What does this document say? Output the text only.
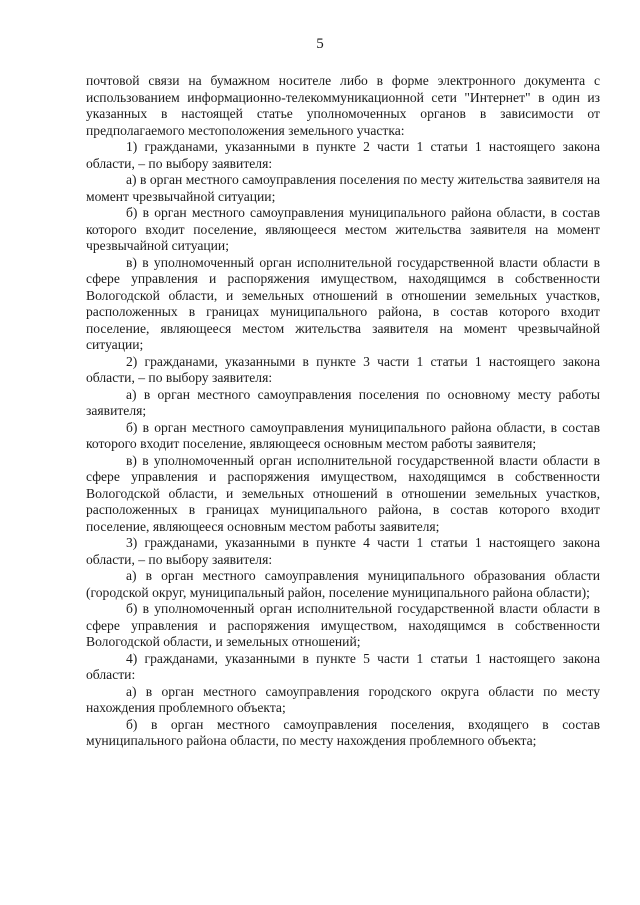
5

почтовой связи на бумажном носителе либо в форме электронного документа с использованием информационно-телекоммуникационной сети "Интернет" в один из указанных в настоящей статье уполномоченных органов в зависимости от предполагаемого местоположения земельного участка:

1) гражданами, указанными в пункте 2 части 1 статьи 1 настоящего закона области, – по выбору заявителя:

а) в орган местного самоуправления поселения по месту жительства заявителя на момент чрезвычайной ситуации;

б) в орган местного самоуправления муниципального района области, в состав которого входит поселение, являющееся местом жительства заявителя на момент чрезвычайной ситуации;

в) в уполномоченный орган исполнительной государственной власти области в сфере управления и распоряжения имуществом, находящимся в собственности Вологодской области, и земельных отношений в отношении земельных участков, расположенных в границах муниципального района, в состав которого входит поселение, являющееся местом жительства заявителя на момент чрезвычайной ситуации;

2) гражданами, указанными в пункте 3 части 1 статьи 1 настоящего закона области, – по выбору заявителя:

а) в орган местного самоуправления поселения по основному месту работы заявителя;

б) в орган местного самоуправления муниципального района области, в состав которого входит поселение, являющееся основным местом работы заявителя;

в) в уполномоченный орган исполнительной государственной власти области в сфере управления и распоряжения имуществом, находящимся в собственности Вологодской области, и земельных отношений в отношении земельных участков, расположенных в границах муниципального района, в состав которого входит поселение, являющееся основным местом работы заявителя;

3) гражданами, указанными в пункте 4 части 1 статьи 1 настоящего закона области, – по выбору заявителя:

а) в орган местного самоуправления муниципального образования области (городской округ, муниципальный район, поселение муниципального района области);

б) в уполномоченный орган исполнительной государственной власти области в сфере управления и распоряжения имуществом, находящимся в собственности Вологодской области, и земельных отношений;

4) гражданами, указанными в пункте 5 части 1 статьи 1 настоящего закона области:

а) в орган местного самоуправления городского округа области по месту нахождения проблемного объекта;

б) в орган местного самоуправления поселения, входящего в состав муниципального района области, по месту нахождения проблемного объекта;
